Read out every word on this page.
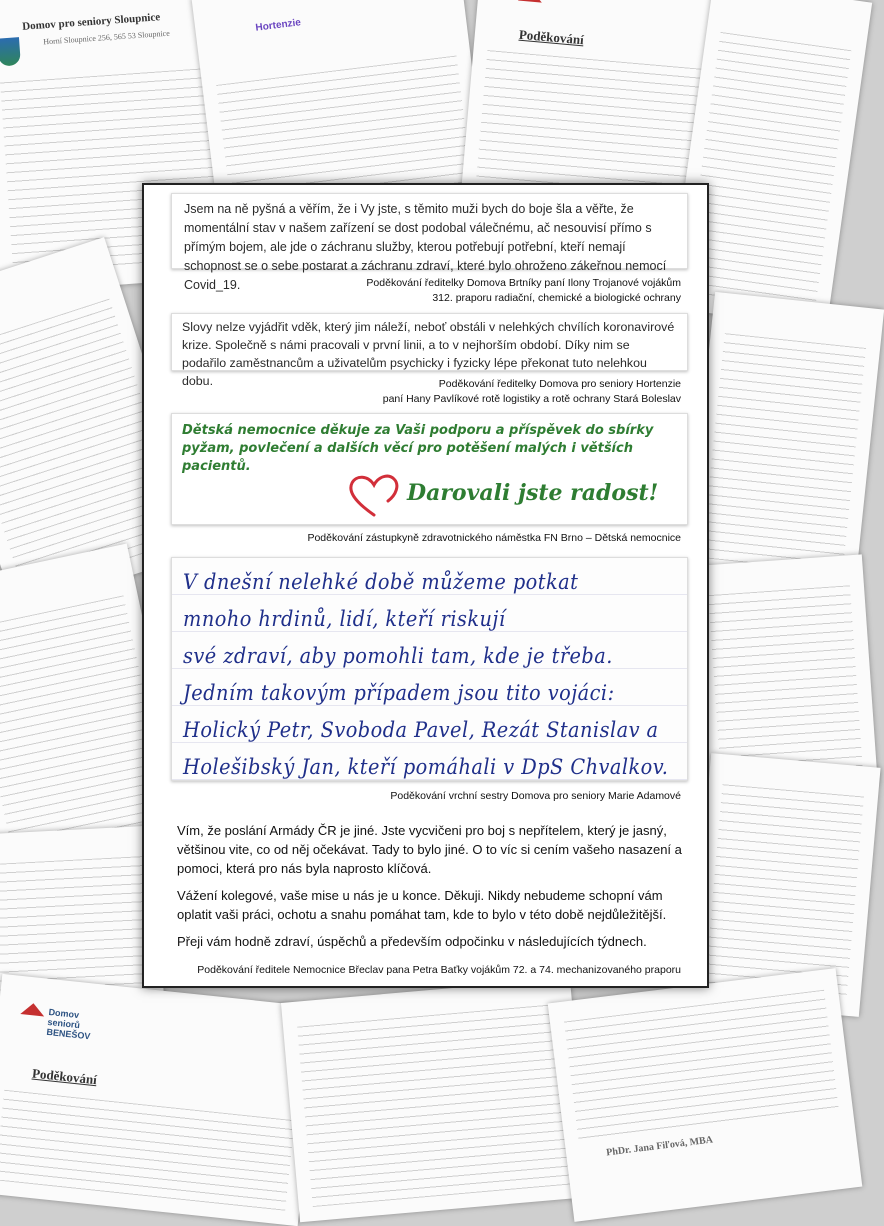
Domov pro seniory Sloupnice
Horní Sloupnice 256, 565 53 Sloupnice
Hortenzie
Poděkování
Domov seniorů BENEŠOV
Poděkování
PhDr. Jana Fiľová, MBA

Jsem na ně pyšná a věřím, že i Vy jste, s těmito muži bych do boje šla a věřte, že momentální stav v našem zařízení se dost podobal válečnému, ač nesouvisí přímo s přímým bojem, ale jde o záchranu služby, kterou potřebují potřební, kteří nemají schopnost se o sebe postarat a záchranu zdraví, které bylo ohroženo zákeřnou nemocí Covid_19.	Poděkování ředitelky Domova Brtníky paní Ilony Trojanové vojákům
312. praporu radiační, chemické a biologické ochrany

Slovy nelze vyjádřit vděk, který jim náleží, neboť obstáli v nelehkých chvílích koronavirové krize. Společně s námi pracovali v první linii, a to v nejhorším období. Díky nim se podařilo zaměstnancům a uživatelům psychicky i fyzicky lépe překonat tuto nelehkou dobu.	Poděkování ředitelky Domova pro seniory Hortenzie
paní Hany Pavlíkové rotě logistiky a rotě ochrany Stará Boleslav

Dětská nemocnice děkuje za Vaši podporu a příspěvek do sbírky pyžam, povlečení a dalších věcí pro potěšení malých i větších pacientů.

Darovali jste radost!
Poděkování zástupkyně zdravotnického náměstka FN Brno – Dětská nemocnice
V dnešní nelehké době můžeme potkat
mnoho hrdinů, lidí, kteří riskují
své zdraví, aby pomohli tam, kde je třeba.
Jedním takovým případem jsou tito vojáci:
Holický Petr, Svoboda Pavel, Rezát Stanislav a
Holešibský Jan, kteří pomáhali v DpS Chvalkov.
Poděkování vrchní sestry Domova pro seniory Marie Adamové

Vím, že poslání Armády ČR je jiné. Jste vycvičeni pro boj s nepřítelem, který je jasný, většinou vite, co od něj očekávat. Tady to bylo jiné. O to víc si cením vašeho nasazení a pomoci, která pro nás byla naprosto klíčová.

Vážení kolegové, vaše mise u nás je u konce. Děkuji. Nikdy nebudeme schopní vám oplatit vaši práci, ochotu a snahu pomáhat tam, kde to bylo v této době nejdůležitější.

Přeji vám hodně zdraví, úspěchů a především odpočinku v následujících týdnech.

Poděkování ředitele Nemocnice Břeclav pana Petra Baťky vojákům 72. a 74. mechanizovaného praporu
